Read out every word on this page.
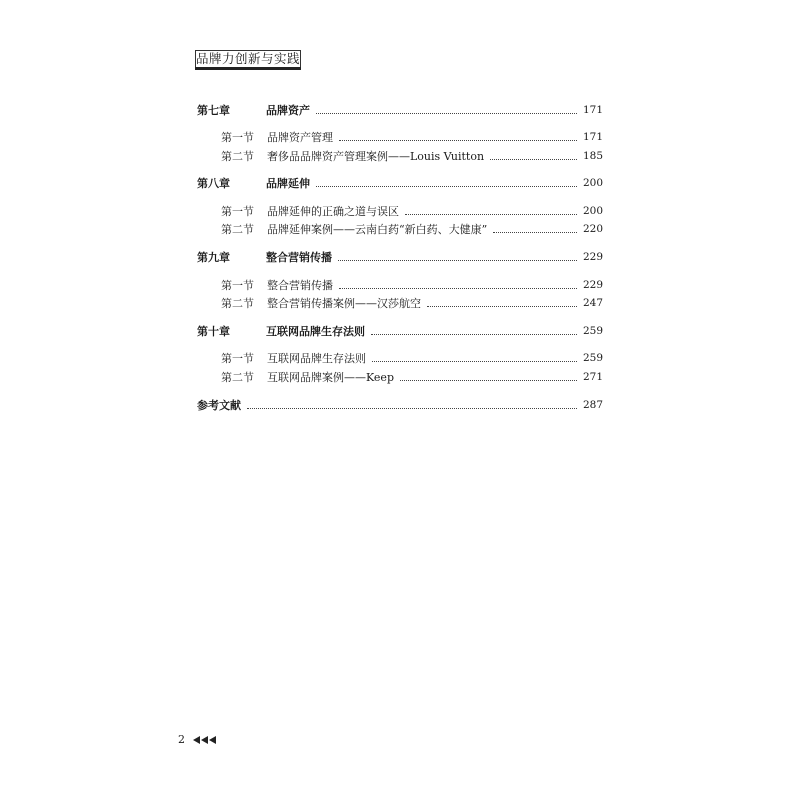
品牌力创新与实践
第七章	品牌资产	171
第一节	品牌资产管理	171
第二节	奢侈品品牌资产管理案例——Louis Vuitton	185
第八章	品牌延伸	200
第一节	品牌延伸的正确之道与误区	200
第二节	品牌延伸案例——云南白药“新白药、大健康”	220
第九章	整合营销传播	229
第一节	整合营销传播	229
第二节	整合营销传播案例——汉莎航空	247
第十章	互联网品牌生存法则	259
第一节	互联网品牌生存法则	259
第二节	互联网品牌案例——Keep	271
参考文献	287
2
